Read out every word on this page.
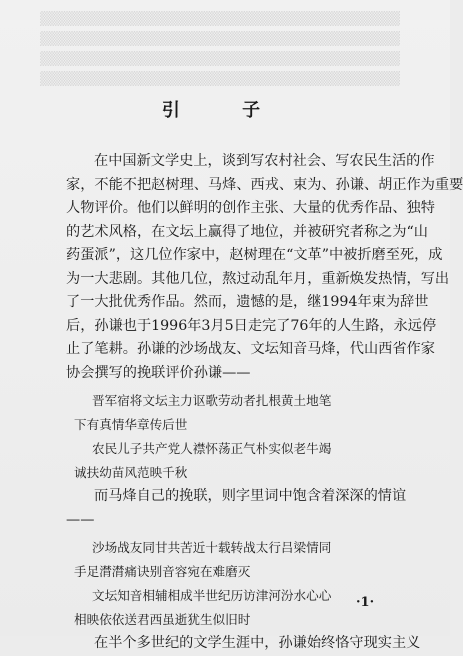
▒▒▒▒▒▒▒▒▒▒▒▒▒▒▒▒▒▒▒▒▒▒▒▒▒▒▒▒▒▒▒▒▒▒▒▒
▒▒▒▒▒▒▒▒▒▒▒▒▒▒▒▒▒▒▒▒▒▒▒▒▒▒▒▒▒▒▒▒▒▒▒▒
▒▒▒▒▒▒▒▒▒▒▒▒▒▒▒▒▒▒▒▒▒▒▒▒▒▒▒▒▒▒▒▒▒▒▒▒
▒▒▒▒▒▒▒▒▒▒▒▒▒▒▒▒▒▒▒▒▒▒▒▒▒▒▒▒▒▒▒▒▒▒▒▒
引 子
在中国新文学史上，谈到写农村社会、写农民生活的作
家，不能不把赵树理、马烽、西戎、束为、孙谦、胡正作为重要
人物评价。他们以鲜明的创作主张、大量的优秀作品、独特
的艺术风格，在文坛上赢得了地位，并被研究者称之为“山
药蛋派”，这几位作家中，赵树理在“文革”中被折磨至死，成
为一大悲剧。其他几位，熬过动乱年月，重新焕发热情，写出
了一大批优秀作品。然而，遗憾的是，继1994年束为辞世
后，孙谦也于1996年3月5日走完了76年的人生路，永远停
止了笔耕。孙谦的沙场战友、文坛知音马烽，代山西省作家
协会撰写的挽联评价孙谦——
晋军宿将文坛主力讴歌劳动者扎根黄土地笔
下有真情华章传后世
农民儿子共产党人襟怀荡正气朴实似老牛竭
诚扶幼苗风范映千秋
而马烽自己的挽联，则字里词中饱含着深深的情谊
——
沙场战友同甘共苦近十载转战太行吕梁情同
手足潸潸痛诀别音容宛在难磨灭
文坛知音相辅相成半世纪历访津河汾水心心
相映依依送君西虽逝犹生似旧时
在半个多世纪的文学生涯中，孙谦始终恪守现实主义
·1·
